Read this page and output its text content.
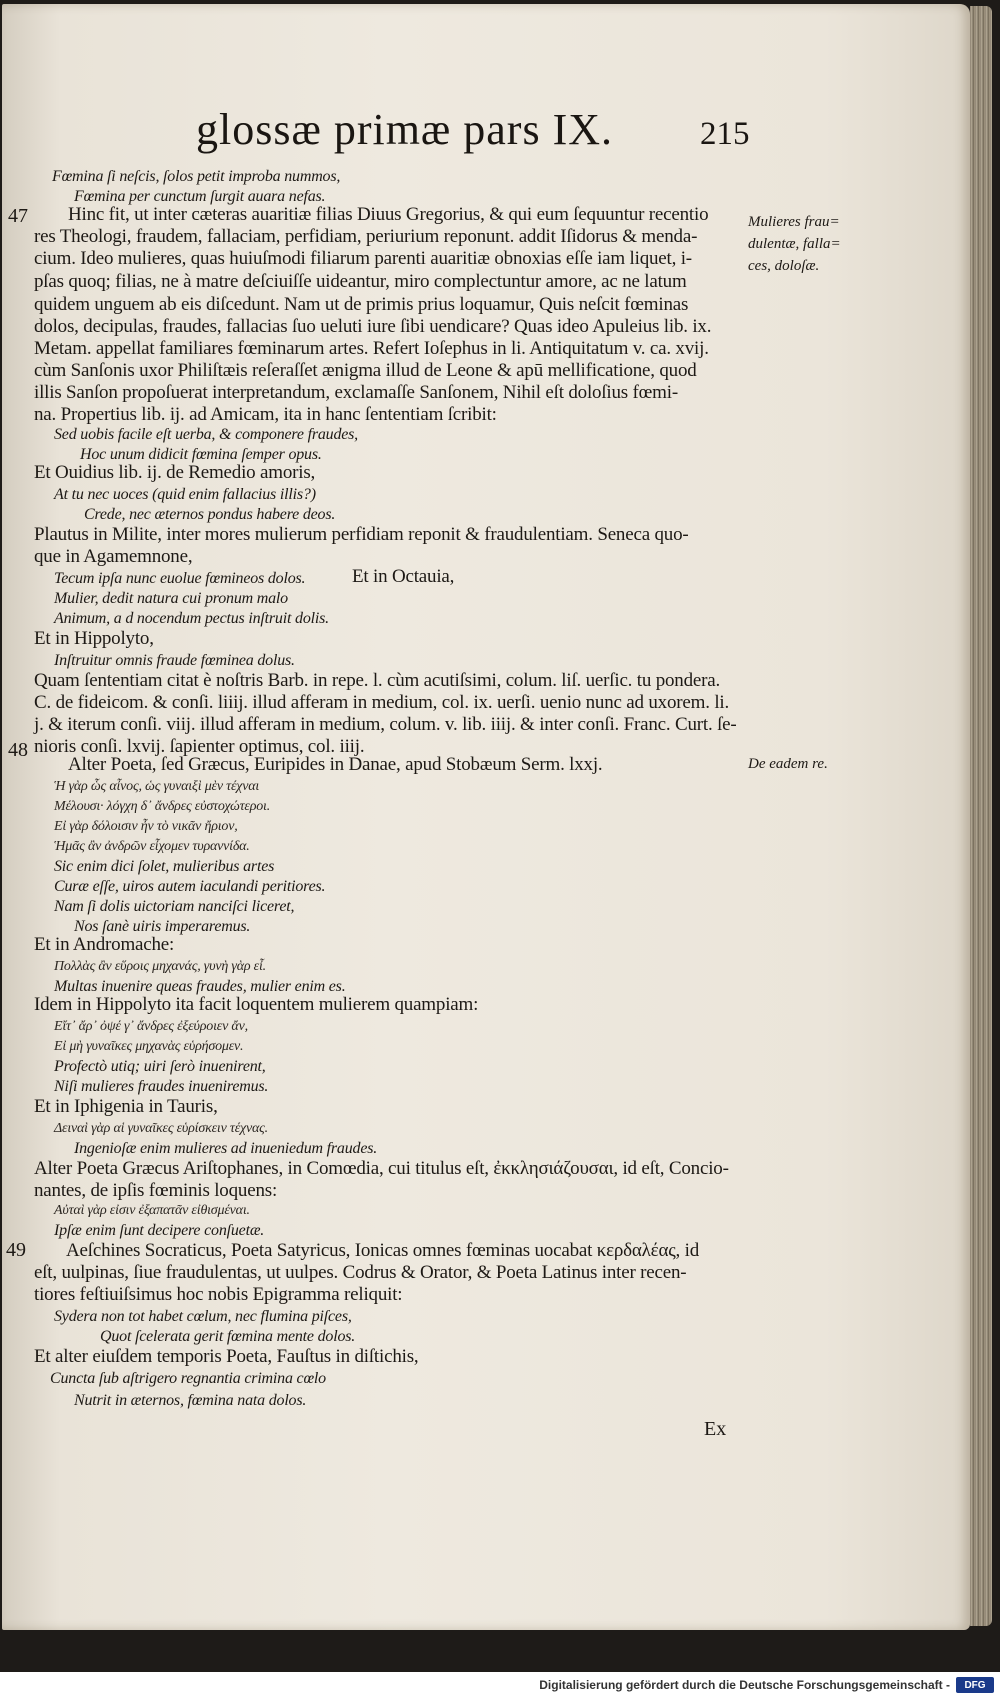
glossæ primæ pars IX.	215
47
48
49
Mulieres frau=
dulentæ, falla=
ces, doloſæ.
De eadem re.
Fœmina ſi neſcis, ſolos petit improba nummos,
Fœmina per cunctum ſurgit auara nefas.
Hinc fit, ut inter cæteras auaritiæ filias Diuus Gregorius, & qui eum ſequuntur recentio
res Theologi, fraudem, fallaciam, perfidiam, periurium reponunt. addit Iſidorus & menda-
cium. Ideo mulieres, quas huiuſmodi filiarum parenti auaritiæ obnoxias eſſe iam liquet, i-
pſas quoq; filias, ne à matre deſciuiſſe uideantur, miro complectuntur amore, ac ne latum
quidem unguem ab eis diſcedunt. Nam ut de primis prius loquamur, Quis neſcit fœminas
dolos, decipulas, fraudes, fallacias ſuo ueluti iure ſibi uendicare? Quas ideo Apuleius lib. ix.
Metam. appellat familiares fœminarum artes. Refert Ioſephus in li. Antiquitatum v. ca. xvij.
cùm Sanſonis uxor Philiſtæis reſeraſſet ænigma illud de Leone & apū mellificatione, quod
illis Sanſon propoſuerat interpretandum, exclamaſſe Sanſonem, Nihil eſt doloſius fœmi-
na. Propertius lib. ij. ad Amicam, ita in hanc ſententiam ſcribit:
Sed uobis facile eſt uerba, & componere fraudes,
Hoc unum didicit fœmina ſemper opus.
Et Ouidius lib. ij. de Remedio amoris,
At tu nec uoces (quid enim fallacius illis?)
Crede, nec æternos pondus habere deos.
Plautus in Milite, inter mores mulierum perfidiam reponit & fraudulentiam. Seneca quo-
que in Agamemnone,
Tecum ipſa nunc euolue fœmineos dolos. Et in Octauia,
Mulier, dedit natura cui pronum malo
Animum, a d nocendum pectus inſtruit dolis.
Et in Hippolyto,
Inſtruitur omnis fraude fœminea dolus.
Quam ſententiam citat è noſtris Barb. in repe. l. cùm acutiſsimi, colum. liſ. uerſic. tu pondera.
C. de fideicom. & conſi. liiij. illud afferam in medium, col. ix. uerſi. uenio nunc ad uxorem. li.
j. & iterum conſi. viij. illud afferam in medium, colum. v. lib. iiij. & inter conſi. Franc. Curt. ſe-
nioris conſi. lxvij. ſapienter optimus, col. iiij.
Alter Poeta, ſed Græcus, Euripides in Danae, apud Stobæum Serm. lxxj.
Ἡ γὰρ ὧς αἶνος, ὡς γυναιξὶ μὲν τέχναι
Μέλουσι· λόγχη δ᾽ ἄνδρες εὐστοχώτεροι.
Εἰ γὰρ δόλοισιν ἦν τὸ νικᾶν ἤριον,
Ἡμᾶς ἂν ἀνδρῶν εἶχομεν τυραννίδα.
Sic enim dici ſolet, mulieribus artes
Curæ eſſe, uiros autem iaculandi peritiores.
Nam ſi dolis uictoriam nanciſci liceret,
Nos ſanè uiris imperaremus.
Et in Andromache:
Πολλὰς ἂν εὕροις μηχανάς, γυνὴ γὰρ εἶ.
Multas inuenire queas fraudes, mulier enim es.
Idem in Hippolyto ita facit loquentem mulierem quampiam:
Εἴτ᾽ ἄρ᾽ ὀψέ γ᾽ ἄνδρες ἐξεύροιεν ἄν,
Εἰ μὴ γυναῖκες μηχανὰς εὑρήσομεν.
Profectò utiq; uiri ſerò inuenirent,
Niſi mulieres fraudes inueniremus.
Et in Iphigenia in Tauris,
Δειναὶ γὰρ αἱ γυναῖκες εὑρίσκειν τέχνας.
Ingenioſæ enim mulieres ad inueniedum fraudes.
Alter Poeta Græcus Ariſtophanes, in Comœdia, cui titulus eſt, ἐκκλησιάζουσαι, id eſt, Concio-
nantes, de ipſis fœminis loquens:
Αὐταὶ γὰρ εἰσιν ἐξαπατᾶν εἰθισμέναι.
Ipſæ enim ſunt decipere conſuetæ.
Aeſchines Socraticus, Poeta Satyricus, Ionicas omnes fœminas uocabat κερδαλέας, id
eſt, uulpinas, ſiue fraudulentas, ut uulpes. Codrus & Orator, & Poeta Latinus inter recen-
tiores feſtiuiſsimus hoc nobis Epigramma reliquit:
Sydera non tot habet cœlum, nec flumina piſces,
Quot ſcelerata gerit fœmina mente dolos.
Et alter eiuſdem temporis Poeta, Fauſtus in diſtichis,
Cuncta ſub aſtrigero regnantia crimina cœlo
Nutrit in æternos, fœmina nata dolos.
Ex
Digitalisierung gefördert durch die Deutsche Forschungsgemeinschaft -	DFG
